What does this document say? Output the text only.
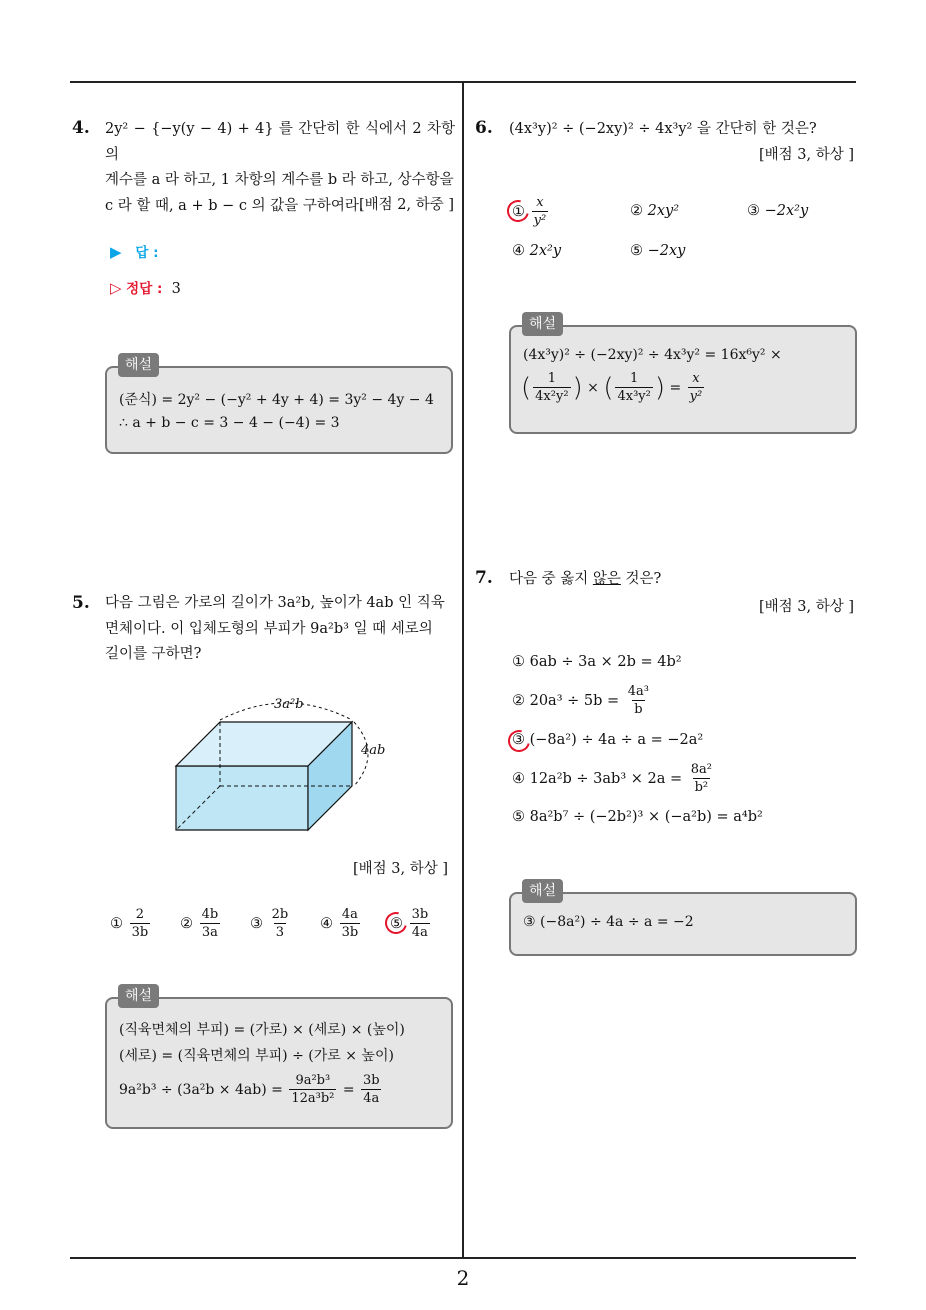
2
4. 2y² − {−y(y − 4) + 4} 를 간단히 한 식에서 2 차항의
계수를 a 라 하고, 1 차항의 계수를 b 라 하고, 상수항을
c 라 할 때, a + b − c 의 값을 구하여라.
[배점 2, 하중 ]
▶ 답 :
▷ 정답 : 3
(준식) = 2y² − (−y² + 4y + 4) = 3y² − 4y − 4
∴ a + b − c = 3 − 4 − (−4) = 3
해설
5. 다음 그림은 가로의 길이가 3a²b, 높이가 4ab 인 직육
면체이다. 이 입체도형의 부피가 9a²b³ 일 때 세로의
길이를 구하면?
3a²b
4ab
[배점 3, 하상 ]
① $\frac{2}{3b}$ ② $\frac{4b}{3a}$ ③ $\frac{2b}{3}$ ④ $\frac{4a}{3b}$ ⑤ $\frac{3b}{4a}$
(직육면체의 부피) = (가로) × (세로) × (높이)
(세로) = (직육면체의 부피) ÷ (가로 × 높이)
$9a^2b^3 \div (3a^2b \times 4ab) = \frac{\text{9a²b³}}{\text{12a³b²}} = \frac{3b}{4a}$
해설
6. (4x³y)² ÷ (−2xy)² ÷ 4x³y² 을 간단히 한 것은?
[배점 3, 하상 ]
① $\frac{x}{\text{y²}}$	② 2xy²	③ −2x²y
④ 2x²y	⑤ −2xy
(4x³y)² ÷ (−2xy)² ÷ 4x³y² = 16x⁶y² ×
( $\frac{1}{\text{4x²y²}}$ ) × ( $\frac{1}{\text{4x³y²}}$ ) = $\frac{x}{\text{y²}}$
해설
7. 다음 중 옳지 않은 것은?
[배점 3, 하상 ]
① 6ab ÷ 3a × 2b = 4b²
② $20a^3 \div 5b = \frac{\text{4a³}}{b}$
③ (−8a²) ÷ 4a ÷ a = −2a²
④ $12a^2b \div 3ab^3 \times 2a = \frac{\text{8a²}}{\text{b²}}$
⑤ 8a²b⁷ ÷ (−2b²)³ × (−a²b) = a⁴b²
③ (−8a²) ÷ 4a ÷ a = −2
해설
